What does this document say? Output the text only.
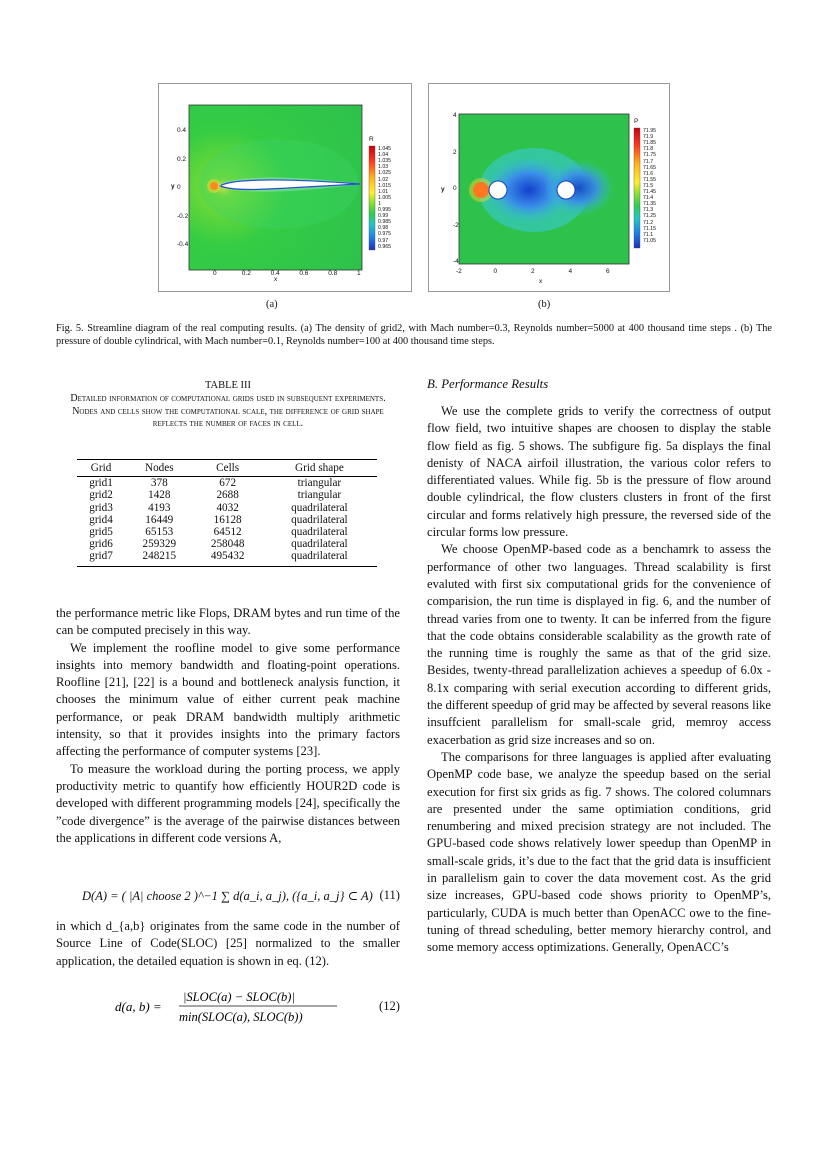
x
y
R
0	0.2	0.4	0.6	0.8	1
0.4
0.2
0
-0.2
-0.4
1.045
1.04
1.035
1.03
1.025
1.02
1.015
1.01
1.005
1
0.995
0.99
0.985
0.98
0.975
0.97
0.965
x
y
P
-2	0	2	4	6
4
2
0
-2
-4
71.95
71.9
71.85
71.8
71.75
71.7
71.65
71.6
71.55
71.5
71.45
71.4
71.35
71.3
71.25
71.2
71.15
71.1
71.05
(a)	(b)
Fig. 5. Streamline diagram of the real computing results. (a) The density of grid2, with Mach number=0.3, Reynolds number=5000 at 400 thousand time steps . (b) The pressure of double cylindrical, with Mach number=0.1, Reynolds number=100 at 400 thousand time steps.
TABLE III
Detailed information of computational grids used in subsequent experiments. Nodes and cells show the computational scale, the difference of grid shape reflects the number of faces in cell.
Grid	Nodes	Cells	Grid shape
grid1	378	672	triangular
grid2	1428	2688	triangular
grid3	4193	4032	quadrilateral
grid4	16449	16128	quadrilateral
grid5	65153	64512	quadrilateral
grid6	259329	258048	quadrilateral
grid7	248215	495432	quadrilateral

the performance metric like Flops, DRAM bytes and run time of the can be computed precisely in this way.

We implement the roofline model to give some performance insights into memory bandwidth and floating-point operations. Roofline [21], [22] is a bound and bottleneck analysis function, it chooses the minimum value of either current peak machine performance, or peak DRAM bandwidth multiply arithmetic intensity, so that it provides insights into the primary factors affecting the performance of computer systems [23].

To measure the workload during the porting process, we apply productivity metric to quantify how efficiently HOUR2D code is developed with different programming models [24], specifically the ”code divergence” is the average of the pairwise distances between the applications in different code versions A,

D(A) = ( |A| choose 2 )^−1 ∑ d(a_i, a_j), ({a_i, a_j} ⊂ A) (11)

in which d_{a,b} originates from the same code in the number of Source Line of Code(SLOC) [25] normalized to the smaller application, the detailed equation is shown in eq. (12).

d(a, b) =
|SLOC(a) − SLOC(b)|
min(SLOC(a), SLOC(b))
(12)
B. Performance Results

We use the complete grids to verify the correctness of output flow field, two intuitive shapes are choosen to display the stable flow field as fig. 5 shows. The subfigure fig. 5a displays the final denisty of NACA airfoil illustration, the various color refers to differentiated values. While fig. 5b is the pressure of flow around double cylindrical, the flow clusters clusters in front of the first circular and forms relatively high pressure, the reversed side of the circular forms low pressure.

We choose OpenMP-based code as a benchamrk to assess the performance of other two languages. Thread scalability is first evaluted with first six computational grids for the convenience of comparision, the run time is displayed in fig. 6, and the number of thread varies from one to twenty. It can be inferred from the figure that the code obtains considerable scalability as the growth rate of the running time is roughly the same as that of the grid size. Besides, twenty-thread parallelization achieves a speedup of 6.0x - 8.1x comparing with serial execution according to different grids, the different speedup of grid may be affected by several reasons like insuffcient parallelism for small-scale grid, memroy access exacerbation as grid size increases and so on.

The comparisons for three languages is applied after evaluating OpenMP code base, we analyze the speedup based on the serial execution for first six grids as fig. 7 shows. The colored columnars are presented under the same optimiation conditions, grid renumbering and mixed precision strategy are not included. The GPU-based code shows relatively lower speedup than OpenMP in small-scale grids, it’s due to the fact that the grid data is insufficient in parallelism gain to cover the data movement cost. As the grid size increases, GPU-based code shows priority to OpenMP’s, particularly, CUDA is much better than OpenACC owe to the fine-tuning of thread scheduling, better memory hierarchy control, and some memory access optimizations. Generally, OpenACC’s
